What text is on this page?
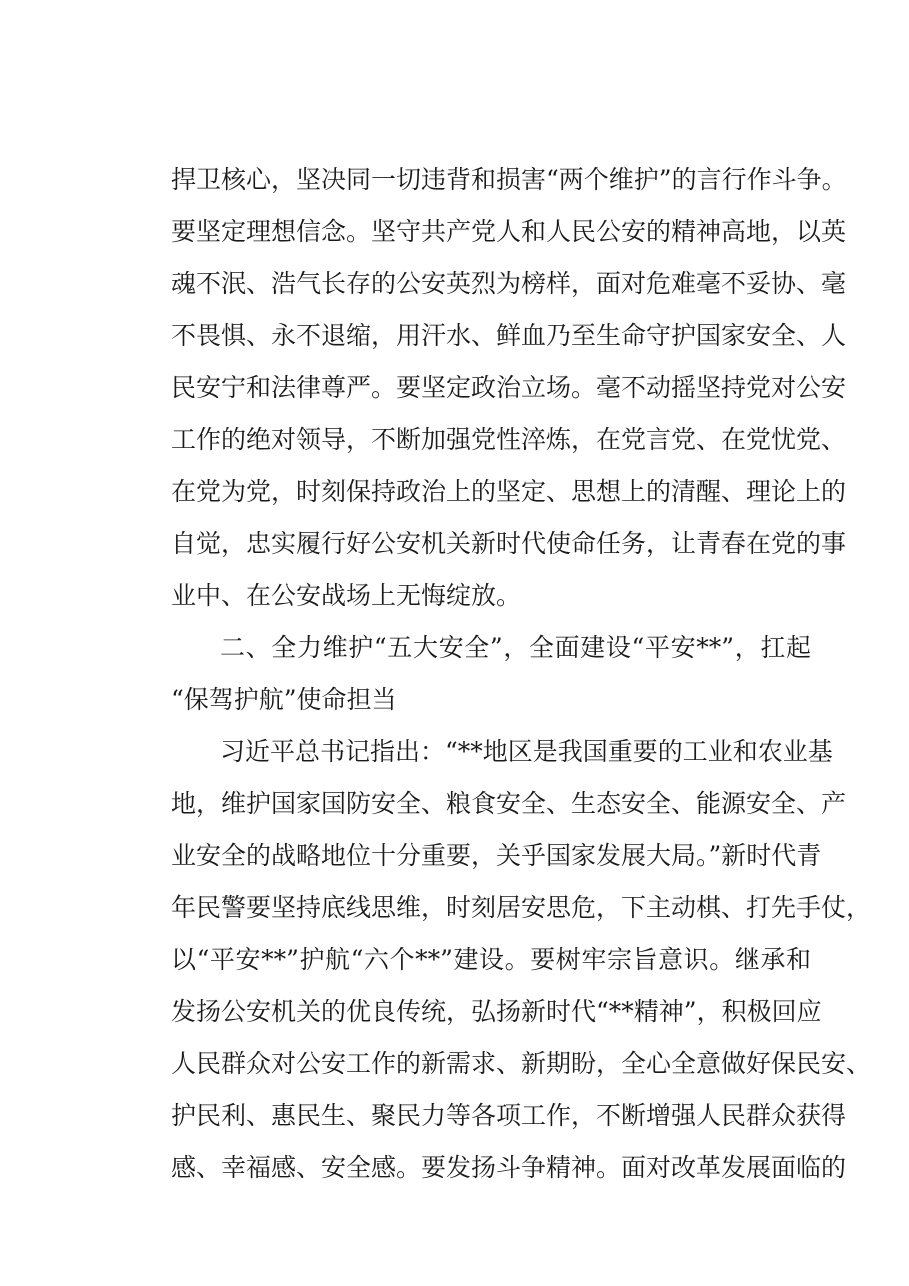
捍卫核心，坚决同一切违背和损害“两个维护”的言行作斗争。
要坚定理想信念。坚守共产党人和人民公安的精神高地，以英
魂不泯、浩气长存的公安英烈为榜样，面对危难毫不妥协、毫
不畏惧、永不退缩，用汗水、鲜血乃至生命守护国家安全、人
民安宁和法律尊严。要坚定政治立场。毫不动摇坚持党对公安
工作的绝对领导，不断加强党性淬炼，在党言党、在党忧党、
在党为党，时刻保持政治上的坚定、思想上的清醒、理论上的
自觉，忠实履行好公安机关新时代使命任务，让青春在党的事
业中、在公安战场上无悔绽放。
二、全力维护“五大安全”，全面建设“平安**”，扛起
“保驾护航”使命担当
习近平总书记指出：“**地区是我国重要的工业和农业基
地，维护国家国防安全、粮食安全、生态安全、能源安全、产
业安全的战略地位十分重要，关乎国家发展大局。”新时代青
年民警要坚持底线思维，时刻居安思危，下主动棋、打先手仗，
以“平安**”护航“六个**”建设。要树牢宗旨意识。继承和
发扬公安机关的优良传统，弘扬新时代“**精神”，积极回应
人民群众对公安工作的新需求、新期盼，全心全意做好保民安、
护民利、惠民生、聚民力等各项工作，不断增强人民群众获得
感、幸福感、安全感。要发扬斗争精神。面对改革发展面临的
